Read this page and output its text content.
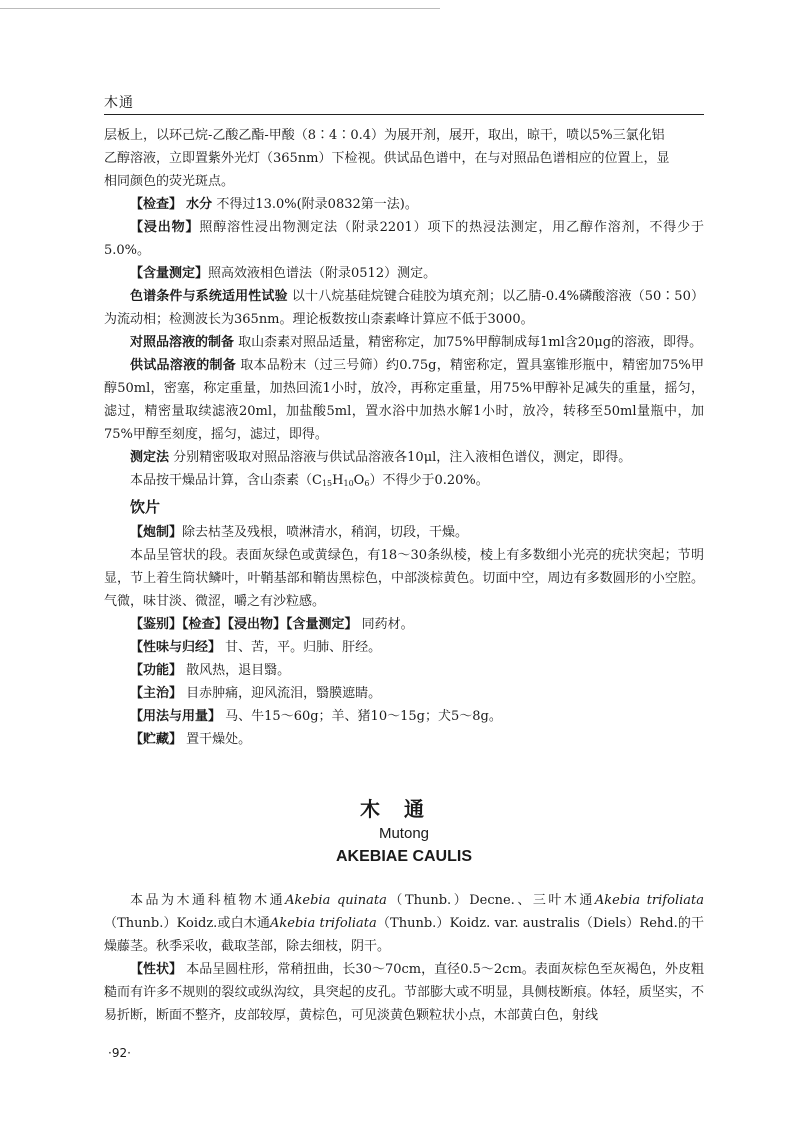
木通

层板上，以环己烷-乙酸乙酯-甲酸（8∶4∶0.4）为展开剂，展开，取出，晾干，喷以5%三氯化铝
乙醇溶液，立即置紫外光灯（365nm）下检视。供试品色谱中，在与对照品色谱相应的位置上，显
相同颜色的荧光斑点。

【检查】 水分 不得过13.0%(附录0832第一法)。

【浸出物】照醇溶性浸出物测定法（附录2201）项下的热浸法测定，用乙醇作溶剂，不得少于5.0%。

【含量测定】照高效液相色谱法（附录0512）测定。

色谱条件与系统适用性试验 以十八烷基硅烷键合硅胶为填充剂；以乙腈-0.4%磷酸溶液（50∶50）为流动相；检测波长为365nm。理论板数按山柰素峰计算应不低于3000。

对照品溶液的制备 取山柰素对照品适量，精密称定，加75%甲醇制成每1ml含20μg的溶液，即得。

供试品溶液的制备 取本品粉末（过三号筛）约0.75g，精密称定，置具塞锥形瓶中，精密加75%甲醇50ml，密塞，称定重量，加热回流1小时，放冷，再称定重量，用75%甲醇补足减失的重量，摇匀，滤过，精密量取续滤液20ml，加盐酸5ml，置水浴中加热水解1小时，放冷，转移至50ml量瓶中，加75%甲醇至刻度，摇匀，滤过，即得。

测定法 分别精密吸取对照品溶液与供试品溶液各10μl，注入液相色谱仪，测定，即得。

本品按干燥品计算，含山柰素$(C_{15}H_{10}O_6)$不得少于0.20%。

饮片

【炮制】除去枯茎及残根，喷淋清水，稍润，切段，干燥。

本品呈管状的段。表面灰绿色或黄绿色，有18～30条纵棱，棱上有多数细小光亮的疣状突起；节明显，节上着生筒状鳞叶，叶鞘基部和鞘齿黑棕色，中部淡棕黄色。切面中空，周边有多数圆形的小空腔。气微，味甘淡、微涩，嚼之有沙粒感。

【鉴别】【检查】【浸出物】【含量测定】 同药材。

【性味与归经】 甘、苦，平。归肺、肝经。

【功能】 散风热，退目翳。

【主治】 目赤肿痛，迎风流泪，翳膜遮睛。

【用法与用量】 马、牛15～60g；羊、猪10～15g；犬5～8g。

【贮藏】 置干燥处。

木通
Mutong
AKEBIAE CAULIS

本品为木通科植物木通Akebia quinata（Thunb.）Decne.、三叶木通Akebia trifoliata（Thunb.）Koidz.或白木通Akebia trifoliata（Thunb.）Koidz. var. australis（Diels）Rehd.的干燥藤茎。秋季采收，截取茎部，除去细枝，阴干。

【性状】 本品呈圆柱形，常稍扭曲，长30～70cm，直径0.5～2cm。表面灰棕色至灰褐色，外皮粗糙而有许多不规则的裂纹或纵沟纹，具突起的皮孔。节部膨大或不明显，具侧枝断痕。体轻，质坚实，不易折断，断面不整齐，皮部较厚，黄棕色，可见淡黄色颗粒状小点，木部黄白色，射线

·92·
